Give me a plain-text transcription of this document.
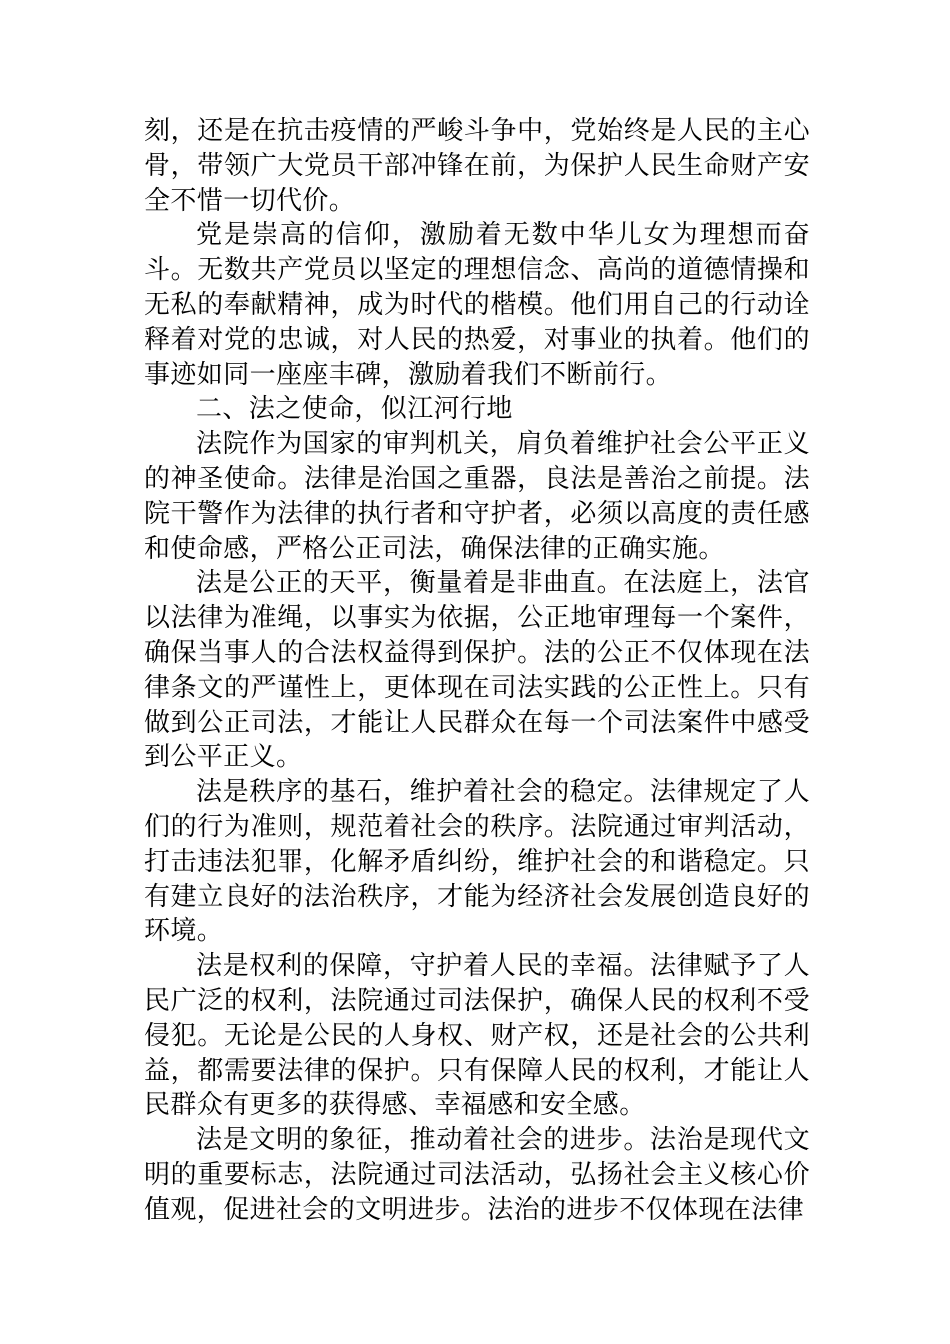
刻，还是在抗击疫情的严峻斗争中，党始终是人民的主心骨，带领广大党员干部冲锋在前，为保护人民生命财产安全不惜一切代价。

党是崇高的信仰，激励着无数中华儿女为理想而奋斗。无数共产党员以坚定的理想信念、高尚的道德情操和无私的奉献精神，成为时代的楷模。他们用自己的行动诠释着对党的忠诚，对人民的热爱，对事业的执着。他们的事迹如同一座座丰碑，激励着我们不断前行。

二、法之使命，似江河行地

法院作为国家的审判机关，肩负着维护社会公平正义的神圣使命。法律是治国之重器，良法是善治之前提。法院干警作为法律的执行者和守护者，必须以高度的责任感和使命感，严格公正司法，确保法律的正确实施。

法是公正的天平，衡量着是非曲直。在法庭上，法官以法律为准绳，以事实为依据，公正地审理每一个案件，确保当事人的合法权益得到保护。法的公正不仅体现在法律条文的严谨性上，更体现在司法实践的公正性上。只有做到公正司法，才能让人民群众在每一个司法案件中感受到公平正义。

法是秩序的基石，维护着社会的稳定。法律规定了人们的行为准则，规范着社会的秩序。法院通过审判活动，打击违法犯罪，化解矛盾纠纷，维护社会的和谐稳定。只有建立良好的法治秩序，才能为经济社会发展创造良好的环境。

法是权利的保障，守护着人民的幸福。法律赋予了人民广泛的权利，法院通过司法保护，确保人民的权利不受侵犯。无论是公民的人身权、财产权，还是社会的公共利益，都需要法律的保护。只有保障人民的权利，才能让人民群众有更多的获得感、幸福感和安全感。

法是文明的象征，推动着社会的进步。法治是现代文明的重要标志，法院通过司法活动，弘扬社会主义核心价值观，促进社会的文明进步。法治的进步不仅体现在法律
